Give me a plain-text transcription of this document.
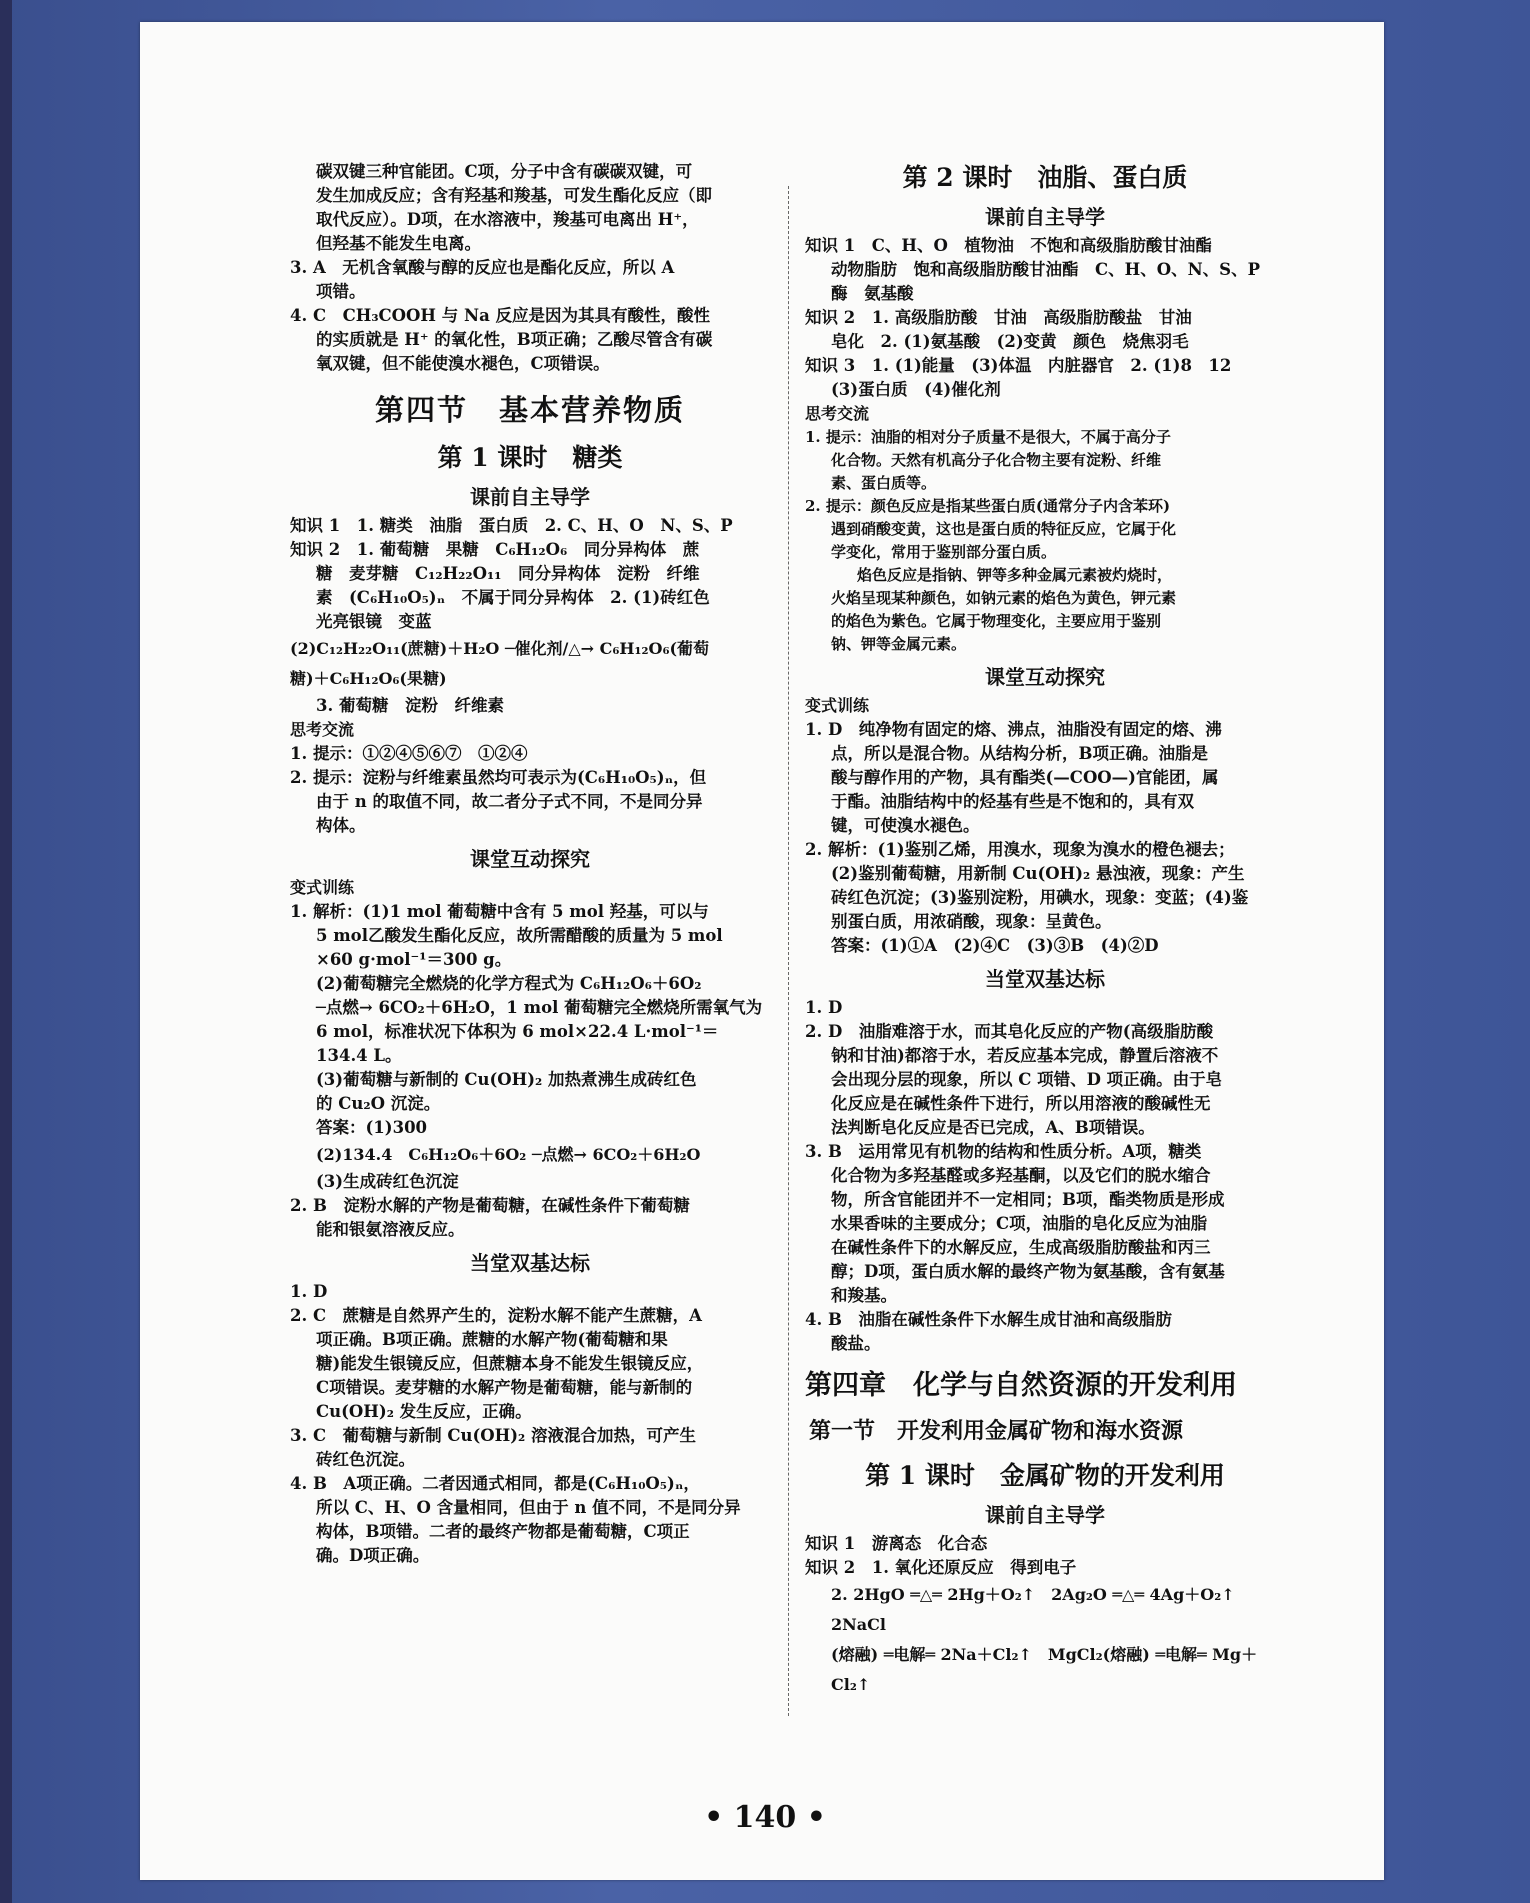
碳双键三种官能团。C项，分子中含有碳碳双键，可

发生加成反应；含有羟基和羧基，可发生酯化反应（即

取代反应）。D项，在水溶液中，羧基可电离出 H⁺，

但羟基不能发生电离。

3. A　无机含氧酸与醇的反应也是酯化反应，所以 A

项错。

4. C　CH₃COOH 与 Na 反应是因为其具有酸性，酸性

的实质就是 H⁺ 的氧化性，B项正确；乙酸尽管含有碳

氧双键，但不能使溴水褪色，C项错误。

第四节　基本营养物质
第 1 课时　糖类
课前自主导学

知识 1　1. 糖类　油脂　蛋白质　2. C、H、O　N、S、P

知识 2　1. 葡萄糖　果糖　C₆H₁₂O₆　同分异构体　蔗

糖　麦芽糖　C₁₂H₂₂O₁₁　同分异构体　淀粉　纤维

素　(C₆H₁₀O₅)ₙ　不属于同分异构体　2. (1)砖红色

光亮银镜　变蓝

(2)C₁₂H₂₂O₁₁(蔗糖)＋H₂O ─催化剂/△→ C₆H₁₂O₆(葡萄

糖)＋C₆H₁₂O₆(果糖)

3. 葡萄糖　淀粉　纤维素

思考交流

1. 提示：①②④⑤⑥⑦　①②④

2. 提示：淀粉与纤维素虽然均可表示为(C₆H₁₀O₅)ₙ，但

由于 n 的取值不同，故二者分子式不同，不是同分异

构体。

课堂互动探究
变式训练

1. 解析：(1)1 mol 葡萄糖中含有 5 mol 羟基，可以与

5 mol乙酸发生酯化反应，故所需醋酸的质量为 5 mol

×60 g·mol⁻¹＝300 g。

(2)葡萄糖完全燃烧的化学方程式为 C₆H₁₂O₆＋6O₂

─点燃→ 6CO₂＋6H₂O，1 mol 葡萄糖完全燃烧所需氧气为

6 mol，标准状况下体积为 6 mol×22.4 L·mol⁻¹＝

134.4 L。

(3)葡萄糖与新制的 Cu(OH)₂ 加热煮沸生成砖红色

的 Cu₂O 沉淀。

答案：(1)300

(2)134.4　C₆H₁₂O₆＋6O₂ ─点燃→ 6CO₂＋6H₂O

(3)生成砖红色沉淀

2. B　淀粉水解的产物是葡萄糖，在碱性条件下葡萄糖

能和银氨溶液反应。

当堂双基达标

1. D

2. C　蔗糖是自然界产生的，淀粉水解不能产生蔗糖，A

项正确。B项正确。蔗糖的水解产物(葡萄糖和果

糖)能发生银镜反应，但蔗糖本身不能发生银镜反应，

C项错误。麦芽糖的水解产物是葡萄糖，能与新制的

Cu(OH)₂ 发生反应，正确。

3. C　葡萄糖与新制 Cu(OH)₂ 溶液混合加热，可产生

砖红色沉淀。

4. B　A项正确。二者因通式相同，都是(C₆H₁₀O₅)ₙ，

所以 C、H、O 含量相同，但由于 n 值不同，不是同分异

构体，B项错。二者的最终产物都是葡萄糖，C项正

确。D项正确。

第 2 课时　油脂、蛋白质
课前自主导学

知识 1　C、H、O　植物油　不饱和高级脂肪酸甘油酯

动物脂肪　饱和高级脂肪酸甘油酯　C、H、O、N、S、P

酶　氨基酸

知识 2　1. 高级脂肪酸　甘油　高级脂肪酸盐　甘油

皂化　2. (1)氨基酸　(2)变黄　颜色　烧焦羽毛

知识 3　1. (1)能量　(3)体温　内脏器官　2. (1)8　12

(3)蛋白质　(4)催化剂

思考交流

1. 提示：油脂的相对分子质量不是很大，不属于高分子

化合物。天然有机高分子化合物主要有淀粉、纤维

素、蛋白质等。

2. 提示：颜色反应是指某些蛋白质(通常分子内含苯环)

遇到硝酸变黄，这也是蛋白质的特征反应，它属于化

学变化，常用于鉴别部分蛋白质。

焰色反应是指钠、钾等多种金属元素被灼烧时，

火焰呈现某种颜色，如钠元素的焰色为黄色，钾元素

的焰色为紫色。它属于物理变化，主要应用于鉴别

钠、钾等金属元素。

课堂互动探究
变式训练

1. D　纯净物有固定的熔、沸点，油脂没有固定的熔、沸

点，所以是混合物。从结构分析，B项正确。油脂是

酸与醇作用的产物，具有酯类(—COO—)官能团，属

于酯。油脂结构中的烃基有些是不饱和的，具有双

键，可使溴水褪色。

2. 解析：(1)鉴别乙烯，用溴水，现象为溴水的橙色褪去；

(2)鉴别葡萄糖，用新制 Cu(OH)₂ 悬浊液，现象：产生

砖红色沉淀；(3)鉴别淀粉，用碘水，现象：变蓝；(4)鉴

别蛋白质，用浓硝酸，现象：呈黄色。

答案：(1)①A　(2)④C　(3)③B　(4)②D

当堂双基达标

1. D

2. D　油脂难溶于水，而其皂化反应的产物(高级脂肪酸

钠和甘油)都溶于水，若反应基本完成，静置后溶液不

会出现分层的现象，所以 C 项错、D 项正确。由于皂

化反应是在碱性条件下进行，所以用溶液的酸碱性无

法判断皂化反应是否已完成，A、B项错误。

3. B　运用常见有机物的结构和性质分析。A项，糖类

化合物为多羟基醛或多羟基酮，以及它们的脱水缩合

物，所含官能团并不一定相同；B项，酯类物质是形成

水果香味的主要成分；C项，油脂的皂化反应为油脂

在碱性条件下的水解反应，生成高级脂肪酸盐和丙三

醇；D项，蛋白质水解的最终产物为氨基酸，含有氨基

和羧基。

4. B　油脂在碱性条件下水解生成甘油和高级脂肪

酸盐。

第四章　化学与自然资源的开发利用
第一节　开发利用金属矿物和海水资源
第 1 课时　金属矿物的开发利用
课前自主导学

知识 1　游离态　化合态

知识 2　1. 氧化还原反应　得到电子

2. 2HgO ═△═ 2Hg＋O₂↑　2Ag₂O ═△═ 4Ag＋O₂↑　2NaCl

(熔融) ═电解═ 2Na＋Cl₂↑　MgCl₂(熔融) ═电解═ Mg＋Cl₂↑

• 140 •
